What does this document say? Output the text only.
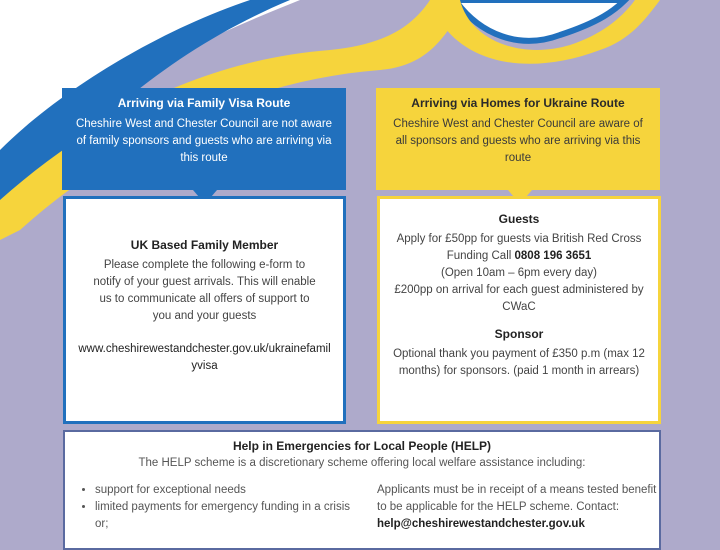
Arriving via Family Visa Route

Cheshire West and Chester Council are not aware of family sponsors and guests who are arriving via this route

UK Based Family Member

Please complete the following e-form to notify of your guest arrivals. This will enable us to communicate all offers of support to you and your guests

www.cheshirewestandchester.gov.uk/ukrainefamilyvisa

Arriving via Homes for Ukraine Route

Cheshire West and Chester Council are aware of all sponsors and guests who are arriving via this route

Guests

Apply for £50pp for guests via British Red Cross Funding Call 0808 196 3651

(Open 10am – 6pm every day)

£200pp on arrival for each guest administered by CWaC

Sponsor

Optional thank you payment of £350 p.m (max 12 months) for sponsors. (paid 1 month in arrears)

Help in Emergencies for Local People (HELP)

The HELP scheme is a discretionary scheme offering local welfare assistance including:

• support for exceptional needs
• limited payments for emergency funding in a crisis or;
Applicants must be in receipt of a means tested benefit to be applicable for the HELP scheme. Contact: help@cheshirewestandchester.gov.uk
